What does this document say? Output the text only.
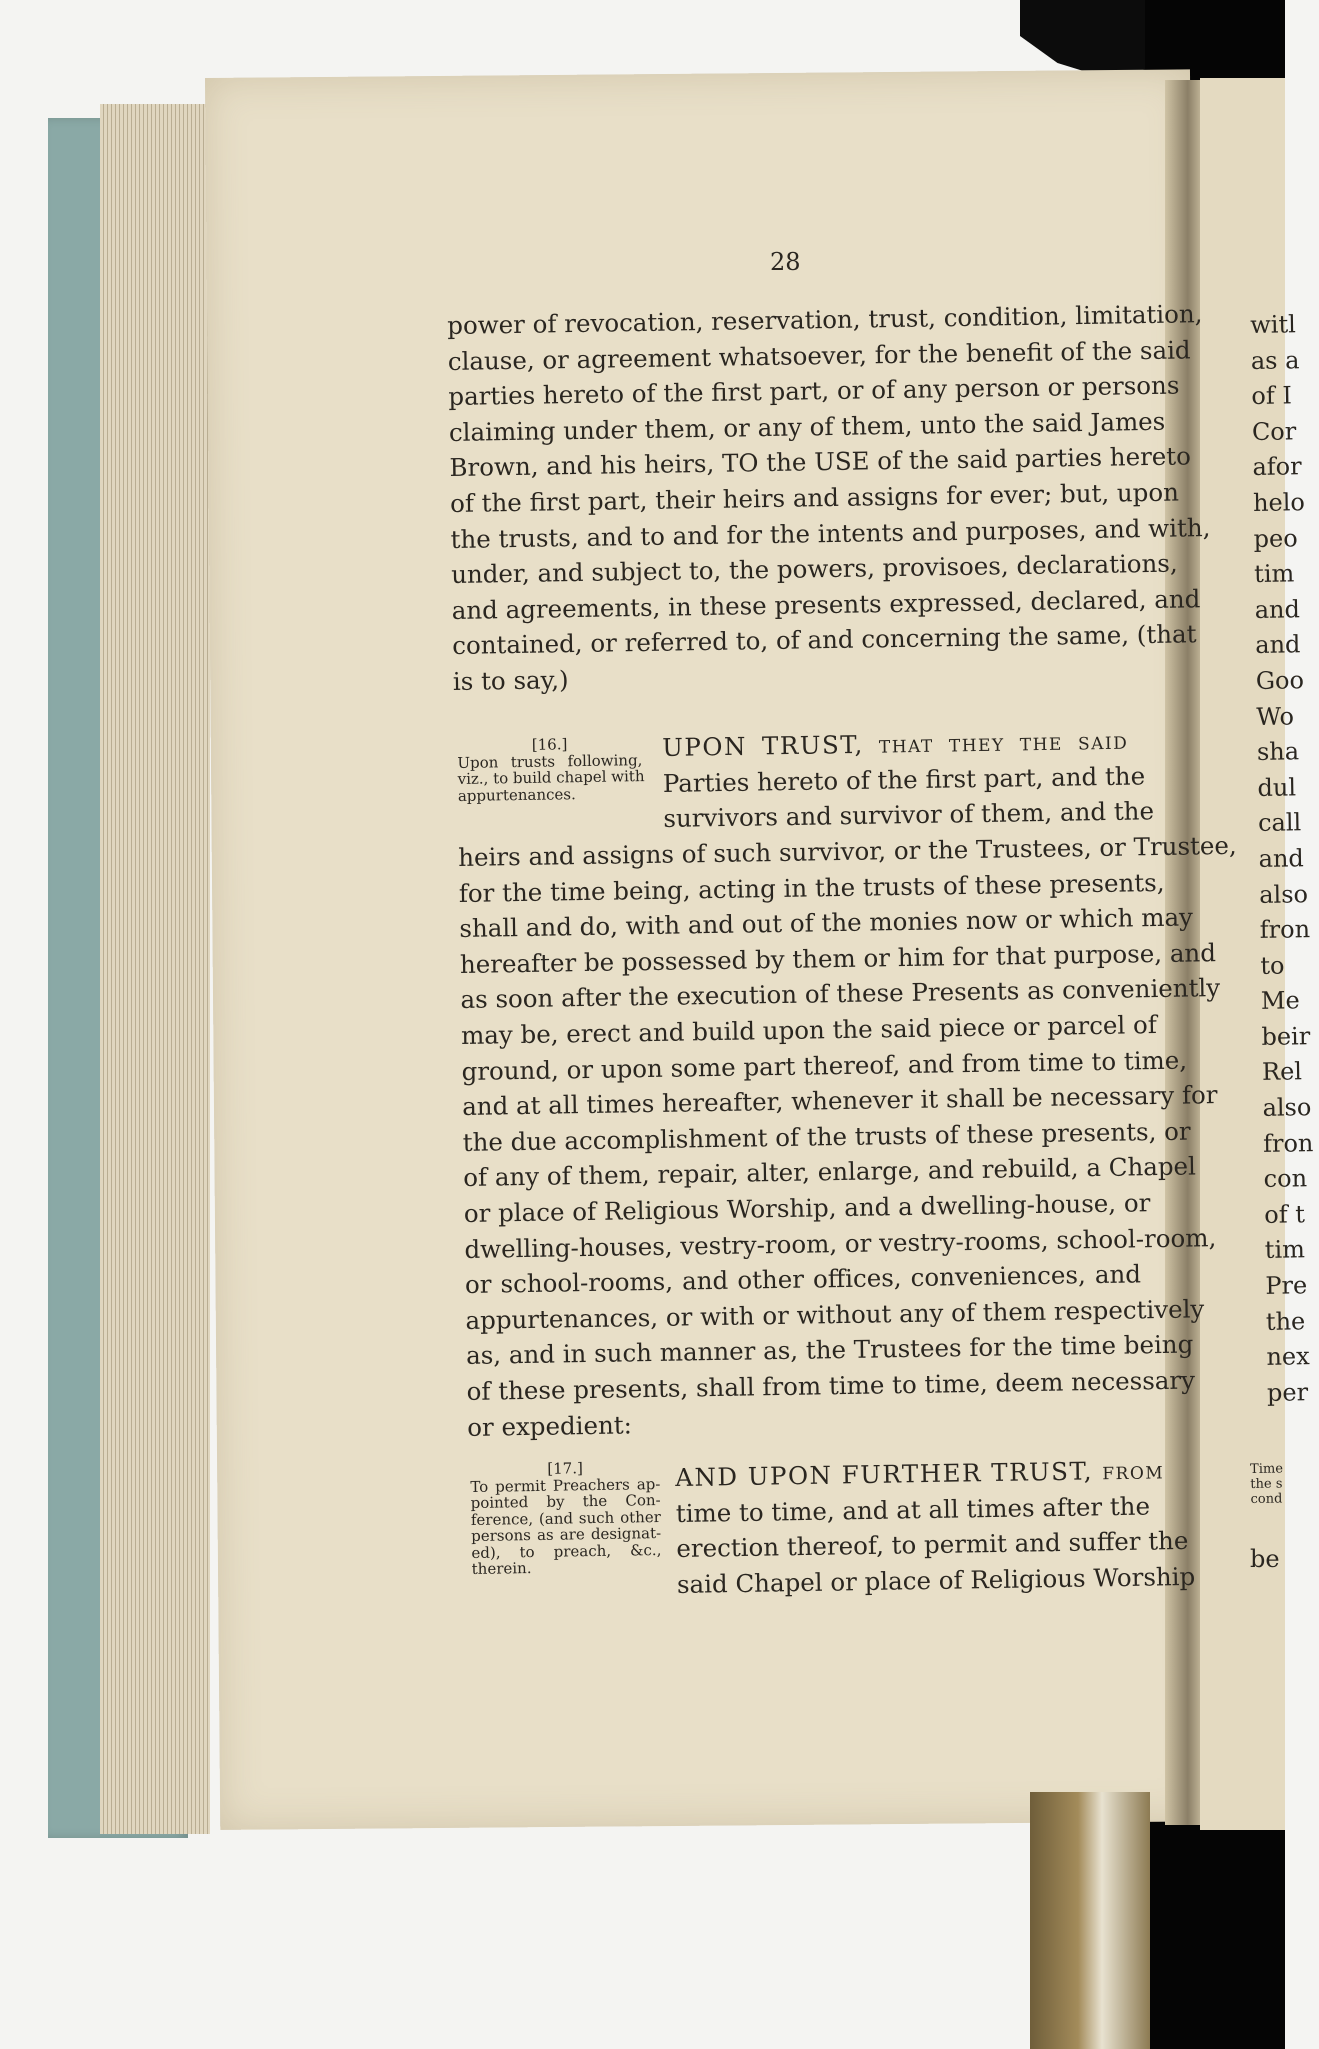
28

power of revocation, reservation, trust, condition, limitation,
clause, or agreement whatsoever, for the benefit of the said
parties hereto of the first part, or of any person or persons
claiming under them, or any of them, unto the said James
Brown, and his heirs, TO the USE of the said parties hereto
of the first part, their heirs and assigns for ever; but, upon
the trusts, and to and for the intents and purposes, and with,
under, and subject to, the powers, provisoes, declarations,
and agreements, in these presents expressed, declared, and
contained, or referred to, of and concerning the same, (that
is to say,)

[16.]
Upon trusts following,
viz., to build chapel with
appurtenances.

UPON TRUST, that they the said
Parties hereto of the first part, and the
survivors and survivor of them, and the

heirs and assigns of such survivor, or the Trustees, or Trustee,
for the time being, acting in the trusts of these presents,
shall and do, with and out of the monies now or which may
hereafter be possessed by them or him for that purpose, and
as soon after the execution of these Presents as conveniently
may be, erect and build upon the said piece or parcel of
ground, or upon some part thereof, and from time to time,
and at all times hereafter, whenever it shall be necessary for
the due accomplishment of the trusts of these presents, or
of any of them, repair, alter, enlarge, and rebuild, a Chapel
or place of Religious Worship, and a dwelling-house, or
dwelling-houses, vestry-room, or vestry-rooms, school-room,
or school-rooms, and other offices, conveniences, and
appurtenances, or with or without any of them respectively
as, and in such manner as, the Trustees for the time being
of these presents, shall from time to time, deem necessary
or expedient:

[17.]
To permit Preachers ap-
pointed by the Con-
ference, (and such other
persons as are designat-
ed), to preach, &c.,
therein.

AND UPON FURTHER TRUST, from
time to time, and at all times after the
erection thereof, to permit and suffer the
said Chapel or place of Religious Worship

witl
as a
of I
Cor
afor
helo
peo
tim
and
and
Goo
Wo
sha
dul
call
and
also
fron
to
Me
beir
Rel
also
fron
con
of t
tim
Pre
the
nex
per
Time
the s
cond
be
